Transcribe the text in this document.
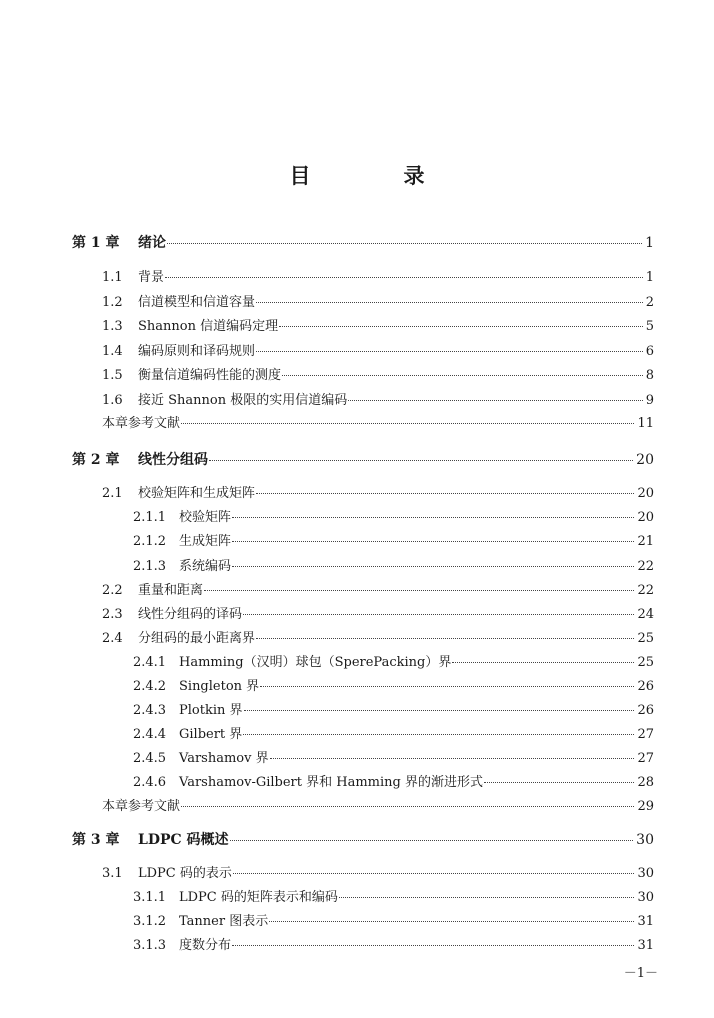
目　录
第 1 章	绪论	1
1.1	背景	1
1.2	信道模型和信道容量	2
1.3	Shannon 信道编码定理	5
1.4	编码原则和译码规则	6
1.5	衡量信道编码性能的测度	8
1.6	接近 Shannon 极限的实用信道编码	9
本章参考文献	11
第 2 章	线性分组码	20
2.1	校验矩阵和生成矩阵	20
2.1.1 校验矩阵	20
2.1.2 生成矩阵	21
2.1.3 系统编码	22
2.2	重量和距离	22
2.3	线性分组码的译码	24
2.4	分组码的最小距离界	25
2.4.1 Hamming（汉明）球包（SperePacking）界	25
2.4.2 Singleton 界	26
2.4.3 Plotkin 界	26
2.4.4 Gilbert 界	27
2.4.5 Varshamov 界	27
2.4.6 Varshamov-Gilbert 界和 Hamming 界的渐进形式	28
本章参考文献	29
第 3 章	LDPC 码概述	30
3.1	LDPC 码的表示	30
3.1.1 LDPC 码的矩阵表示和编码	30
3.1.2 Tanner 图表示	31
3.1.3 度数分布	31
－1－
